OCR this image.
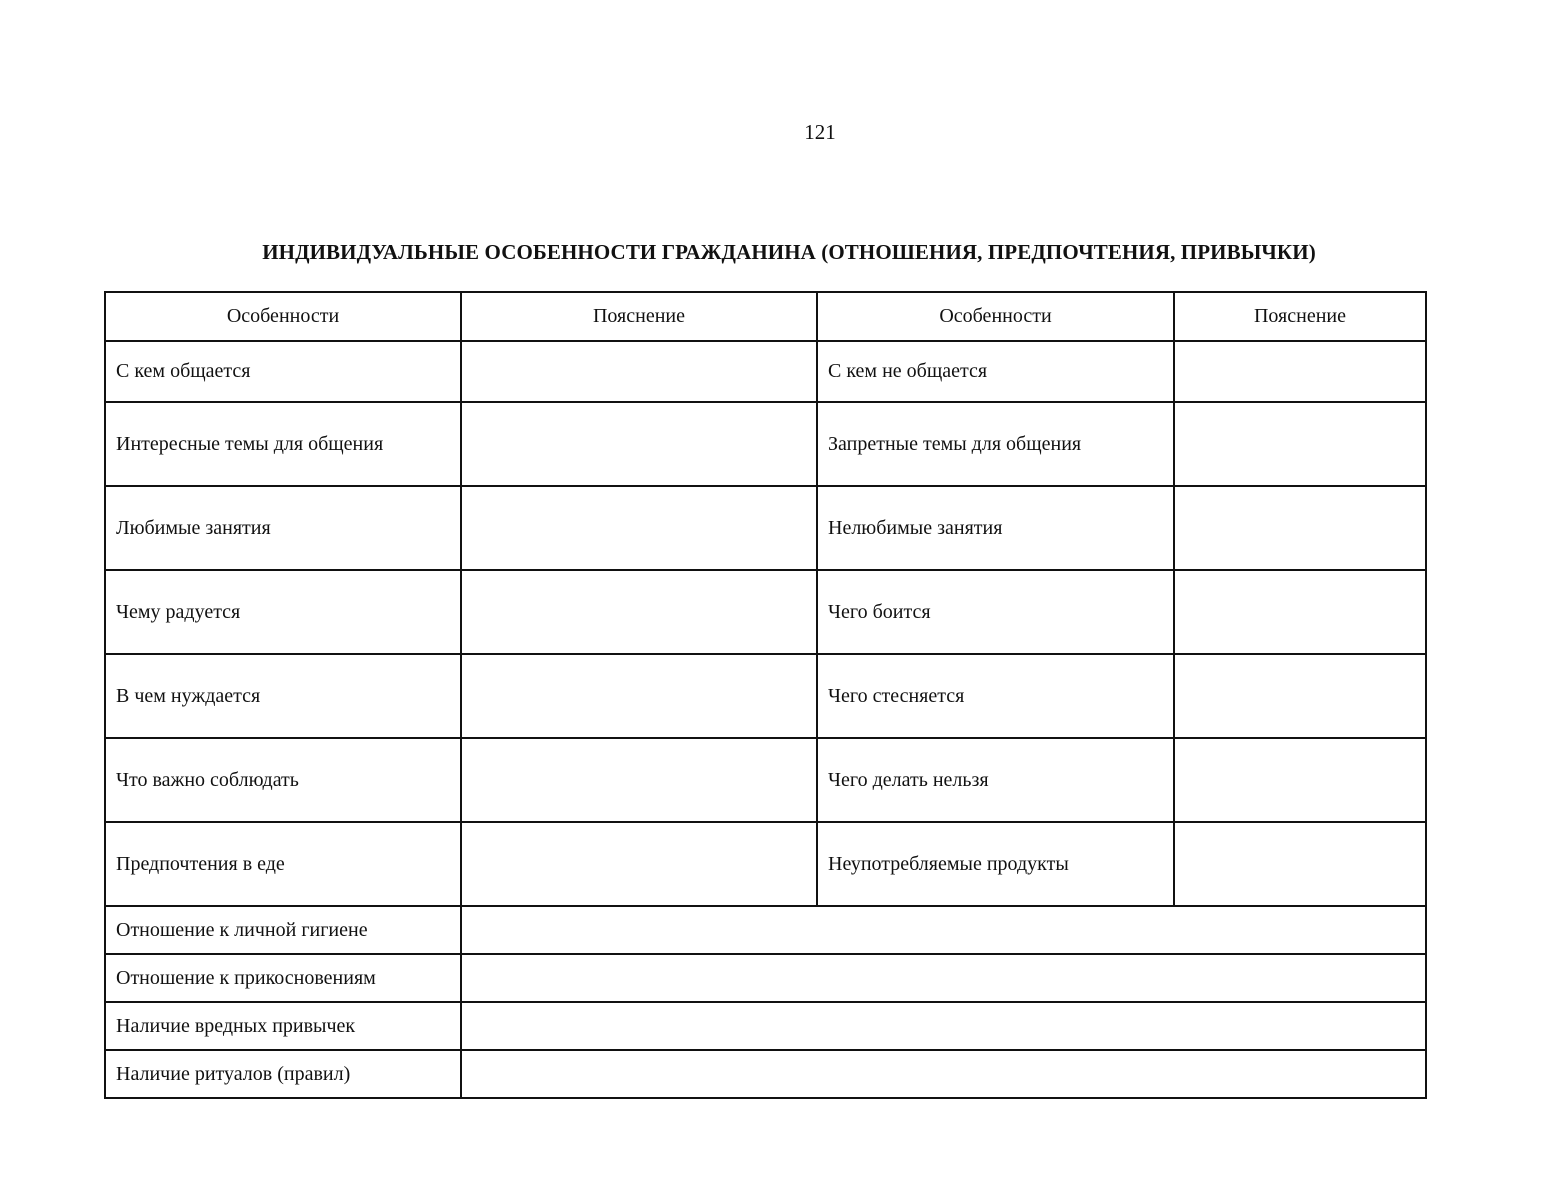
121
ИНДИВИДУАЛЬНЫЕ ОСОБЕННОСТИ ГРАЖДАНИНА (ОТНОШЕНИЯ, ПРЕДПОЧТЕНИЯ, ПРИВЫЧКИ)
Особенности	Пояснение	Особенности	Пояснение
С кем общается		С кем не общается	
Интересные темы для общения		Запретные темы для общения	
Любимые занятия		Нелюбимые занятия	
Чему радуется		Чего боится	
В чем нуждается		Чего стесняется	
Что важно соблюдать		Чего делать нельзя	
Предпочтения в еде		Неупотребляемые продукты	
Отношение к личной гигиене			
Отношение к прикосновениям			
Наличие вредных привычек			
Наличие ритуалов (правил)			
